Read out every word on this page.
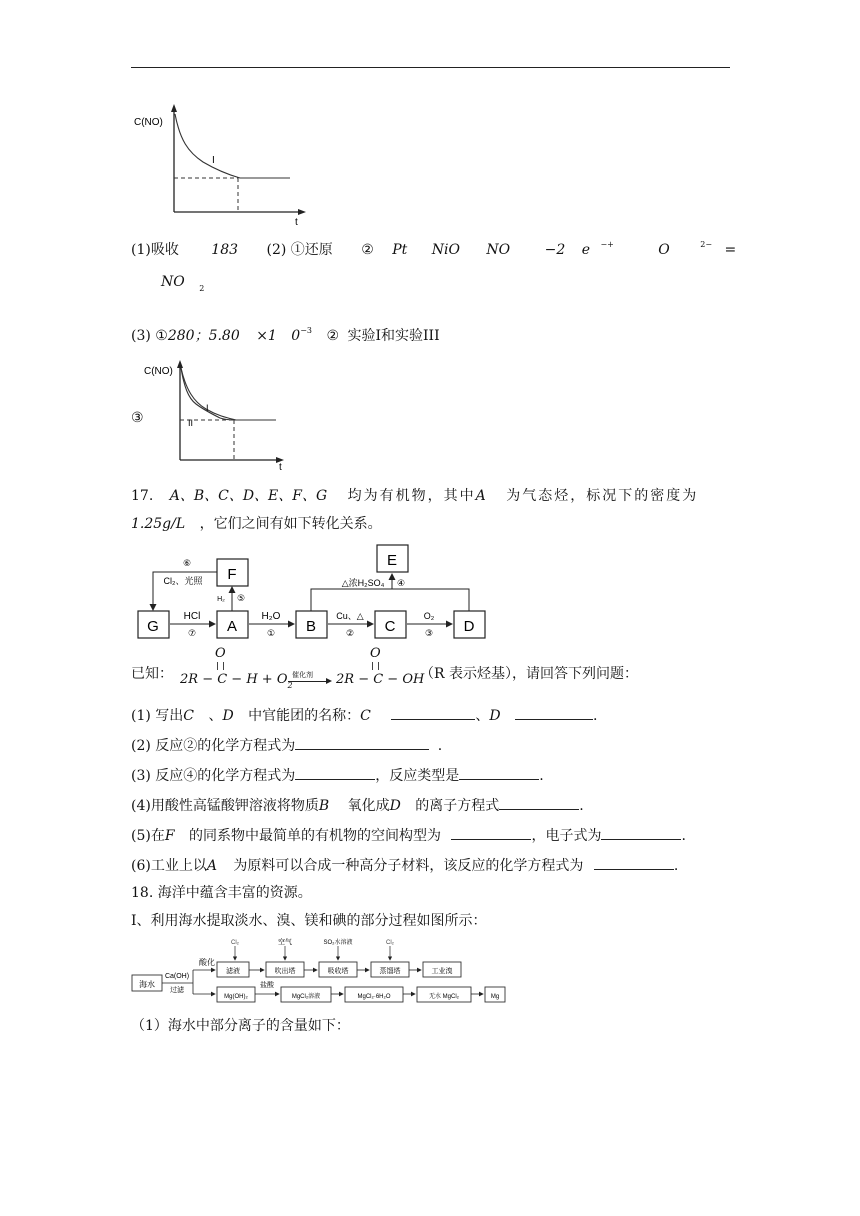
C(NO)
t
I
(1)吸收 183 (2) ①还原 ② Pt NiO NO −2 e −+	O	$^{2-}$ =
NO $_2$
(3) ①280；5.80 ×1 $0^{-3}$ ② 实验I和实验III
③
C(NO)
t
I
II
17. A、B、C、D、E、F、G 均为有机物，其中A 为气态烃，标况下的密度为
1.25g/L ，它们之间有如下转化关系。
G	A	B	C	D
E
F
⑥
Cl₂、光照
H₂ ⑤
HCl
⑦
H₂O
①
Cu、△
②
O₂
③
△浓H₂SO₄ ④
已知：
O
$2R - C - H + O_2$
催化剂
O
2R − C − OH
（R 表示烃基），请回答下列问题：
(1) 写出C 、D 中官能团的名称：C	、D	.
(2) 反应②的化学方程式为	.
(3) 反应④的化学方程式为	，反应类型是	.
(4)用酸性高锰酸钾溶液将物质B 氧化成D 的离子方程式	.
(5)在F 的同系物中最简单的有机物的空间构型为	，电子式为	.
(6)工业上以A 为原料可以合成一种高分子材料，该反应的化学方程式为	.
18. 海洋中蕴含丰富的资源。
I、利用海水提取淡水、溴、镁和碘的部分过程如图所示：
海水
Ca(OH)
过滤
酸化
滤液	吹出塔	吸收塔	蒸馏塔	工业溴
Cl₂	空气	SO₂水溶液	Cl₂
Mg(OH)₂
盐酸
MgCl₂溶液	MgCl₂·6H₂O	无水 MgCl₂	Mg
（1）海水中部分离子的含量如下：
